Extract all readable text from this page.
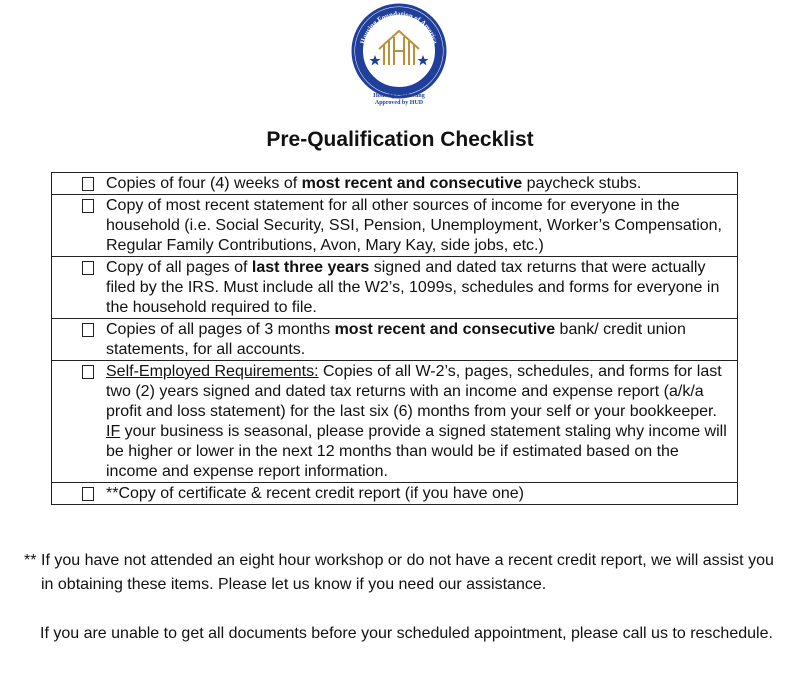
Housing Foundation of America
HFA
Housing Counseling
Approved by HUD
Pre-Qualification Checklist
Copies of four (4) weeks of most recent and consecutive paycheck stubs.

Copy of most recent statement for all other sources of income for everyone in the household (i.e. Social Security, SSI, Pension, Unemployment, Worker’s Compensation, Regular Family Contributions, Avon, Mary Kay, side jobs, etc.)

Copy of all pages of last three years signed and dated tax returns that were actually filed by the IRS. Must include all the W2’s, 1099s, schedules and forms for everyone in the household required to file.

Copies of all pages of 3 months most recent and consecutive bank/ credit union statements, for all accounts.

Self-Employed Requirements: Copies of all W-2’s, pages, schedules, and forms for last two (2) years signed and dated tax returns with an income and expense report (a/k/a profit and loss statement) for the last six (6) months from your self or your bookkeeper. IF your business is seasonal, please provide a signed statement staling why income will be higher or lower in the next 12 months than would be if estimated based on the income and expense report information.

**Copy of certificate & recent credit report (if you have one)
** If you have not attended an eight hour workshop or do not have a recent credit report, we will assist you in obtaining these items. Please let us know if you need our assistance.
If you are unable to get all documents before your scheduled appointment, please call us to reschedule.
